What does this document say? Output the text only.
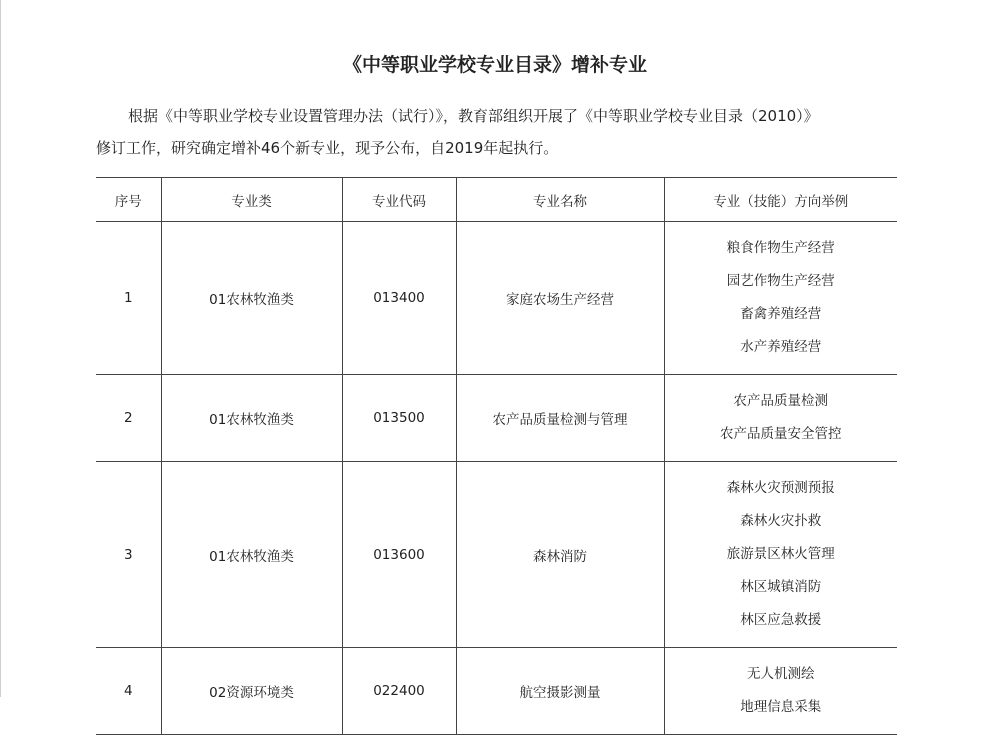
《中等职业学校专业目录》增补专业
根据《中等职业学校专业设置管理办法（试行）》，教育部组织开展了《中等职业学校专业目录（2010）》
修订工作，研究确定增补46个新专业，现予公布，自2019年起执行。
序号	专业类	专业代码	专业名称	专业（技能）方向举例
1	01农林牧渔类	013400	家庭农场生产经营	粮食作物生产经营
园艺作物生产经营
畜禽养殖经营
水产养殖经营

2	01农林牧渔类	013500	农产品质量检测与管理	农产品质量检测
农产品质量安全管控

3	01农林牧渔类	013600	森林消防	森林火灾预测预报
森林火灾扑救
旅游景区林火管理
林区城镇消防
林区应急救援

4	02资源环境类	022400	航空摄影测量	无人机测绘
地理信息采集
